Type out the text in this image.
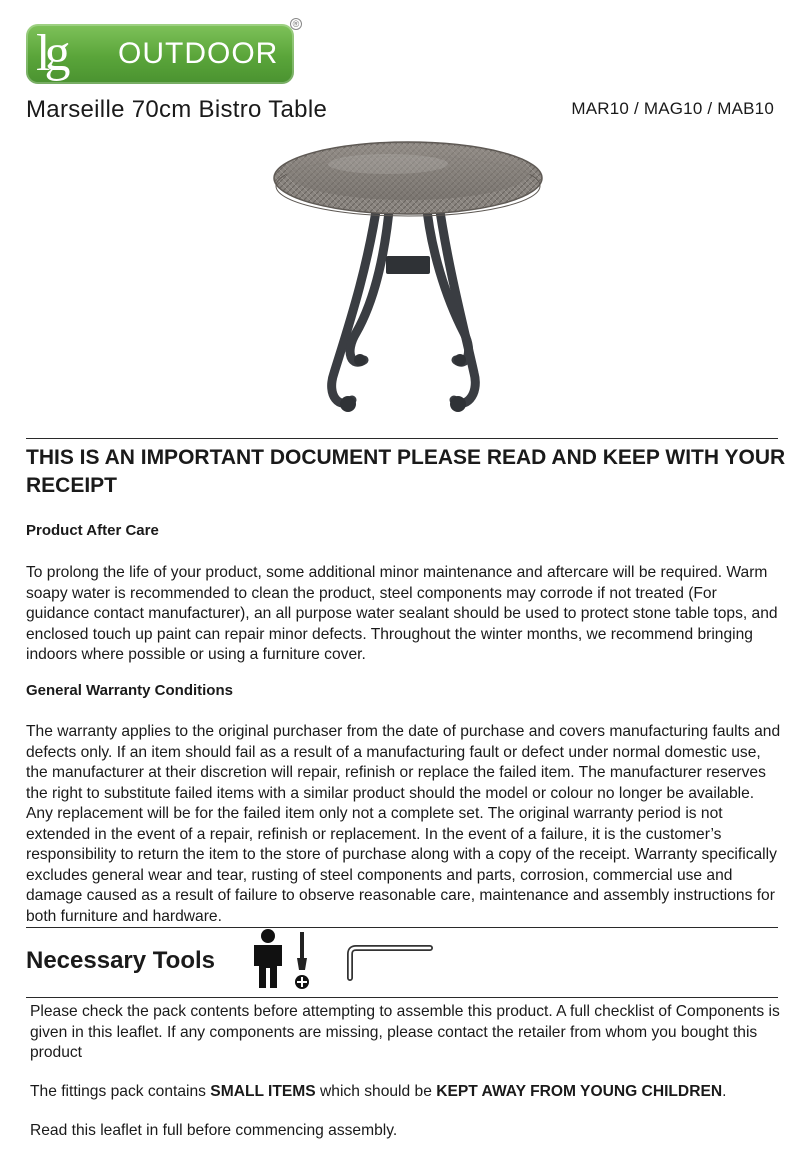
lg OUTDOOR
®
Marseille 70cm Bistro Table	MAR10 / MAG10 / MAB10
THIS IS AN IMPORTANT DOCUMENT PLEASE READ AND KEEP WITH YOUR RECEIPT
Product After Care
To prolong the life of your product, some additional minor maintenance and aftercare will be required. Warm soapy water is recommended to clean the product, steel components may corrode if not treated (For guidance contact manufacturer), an all purpose water sealant should be used to protect stone table tops, and enclosed touch up paint can repair minor defects. Throughout the winter months, we recommend bringing indoors where possible or using a furniture cover.
General Warranty Conditions
The warranty applies to the original purchaser from the date of purchase and covers manufacturing faults and defects only. If an item should fail as a result of a manufacturing fault or defect under normal domestic use, the manufacturer at their discretion will repair, refinish or replace the failed item. The manufacturer reserves the right to substitute failed items with a similar product should the model or colour no longer be available. Any replacement will be for the failed item only not a complete set. The original warranty period is not extended in the event of a repair, refinish or replacement. In the event of a failure, it is the customer’s responsibility to return the item to the store of purchase along with a copy of the receipt. Warranty specifically excludes general wear and tear, rusting of steel components and parts, corrosion, commercial use and damage caused as a result of failure to observe reasonable care, maintenance and assembly instructions for both furniture and hardware.
Necessary Tools
Please check the pack contents before attempting to assemble this product. A full checklist of Components is given in this leaflet. If any components are missing, please contact the retailer from whom you bought this product
The fittings pack contains SMALL ITEMS which should be KEPT AWAY FROM YOUNG CHILDREN.
Read this leaflet in full before commencing assembly.
